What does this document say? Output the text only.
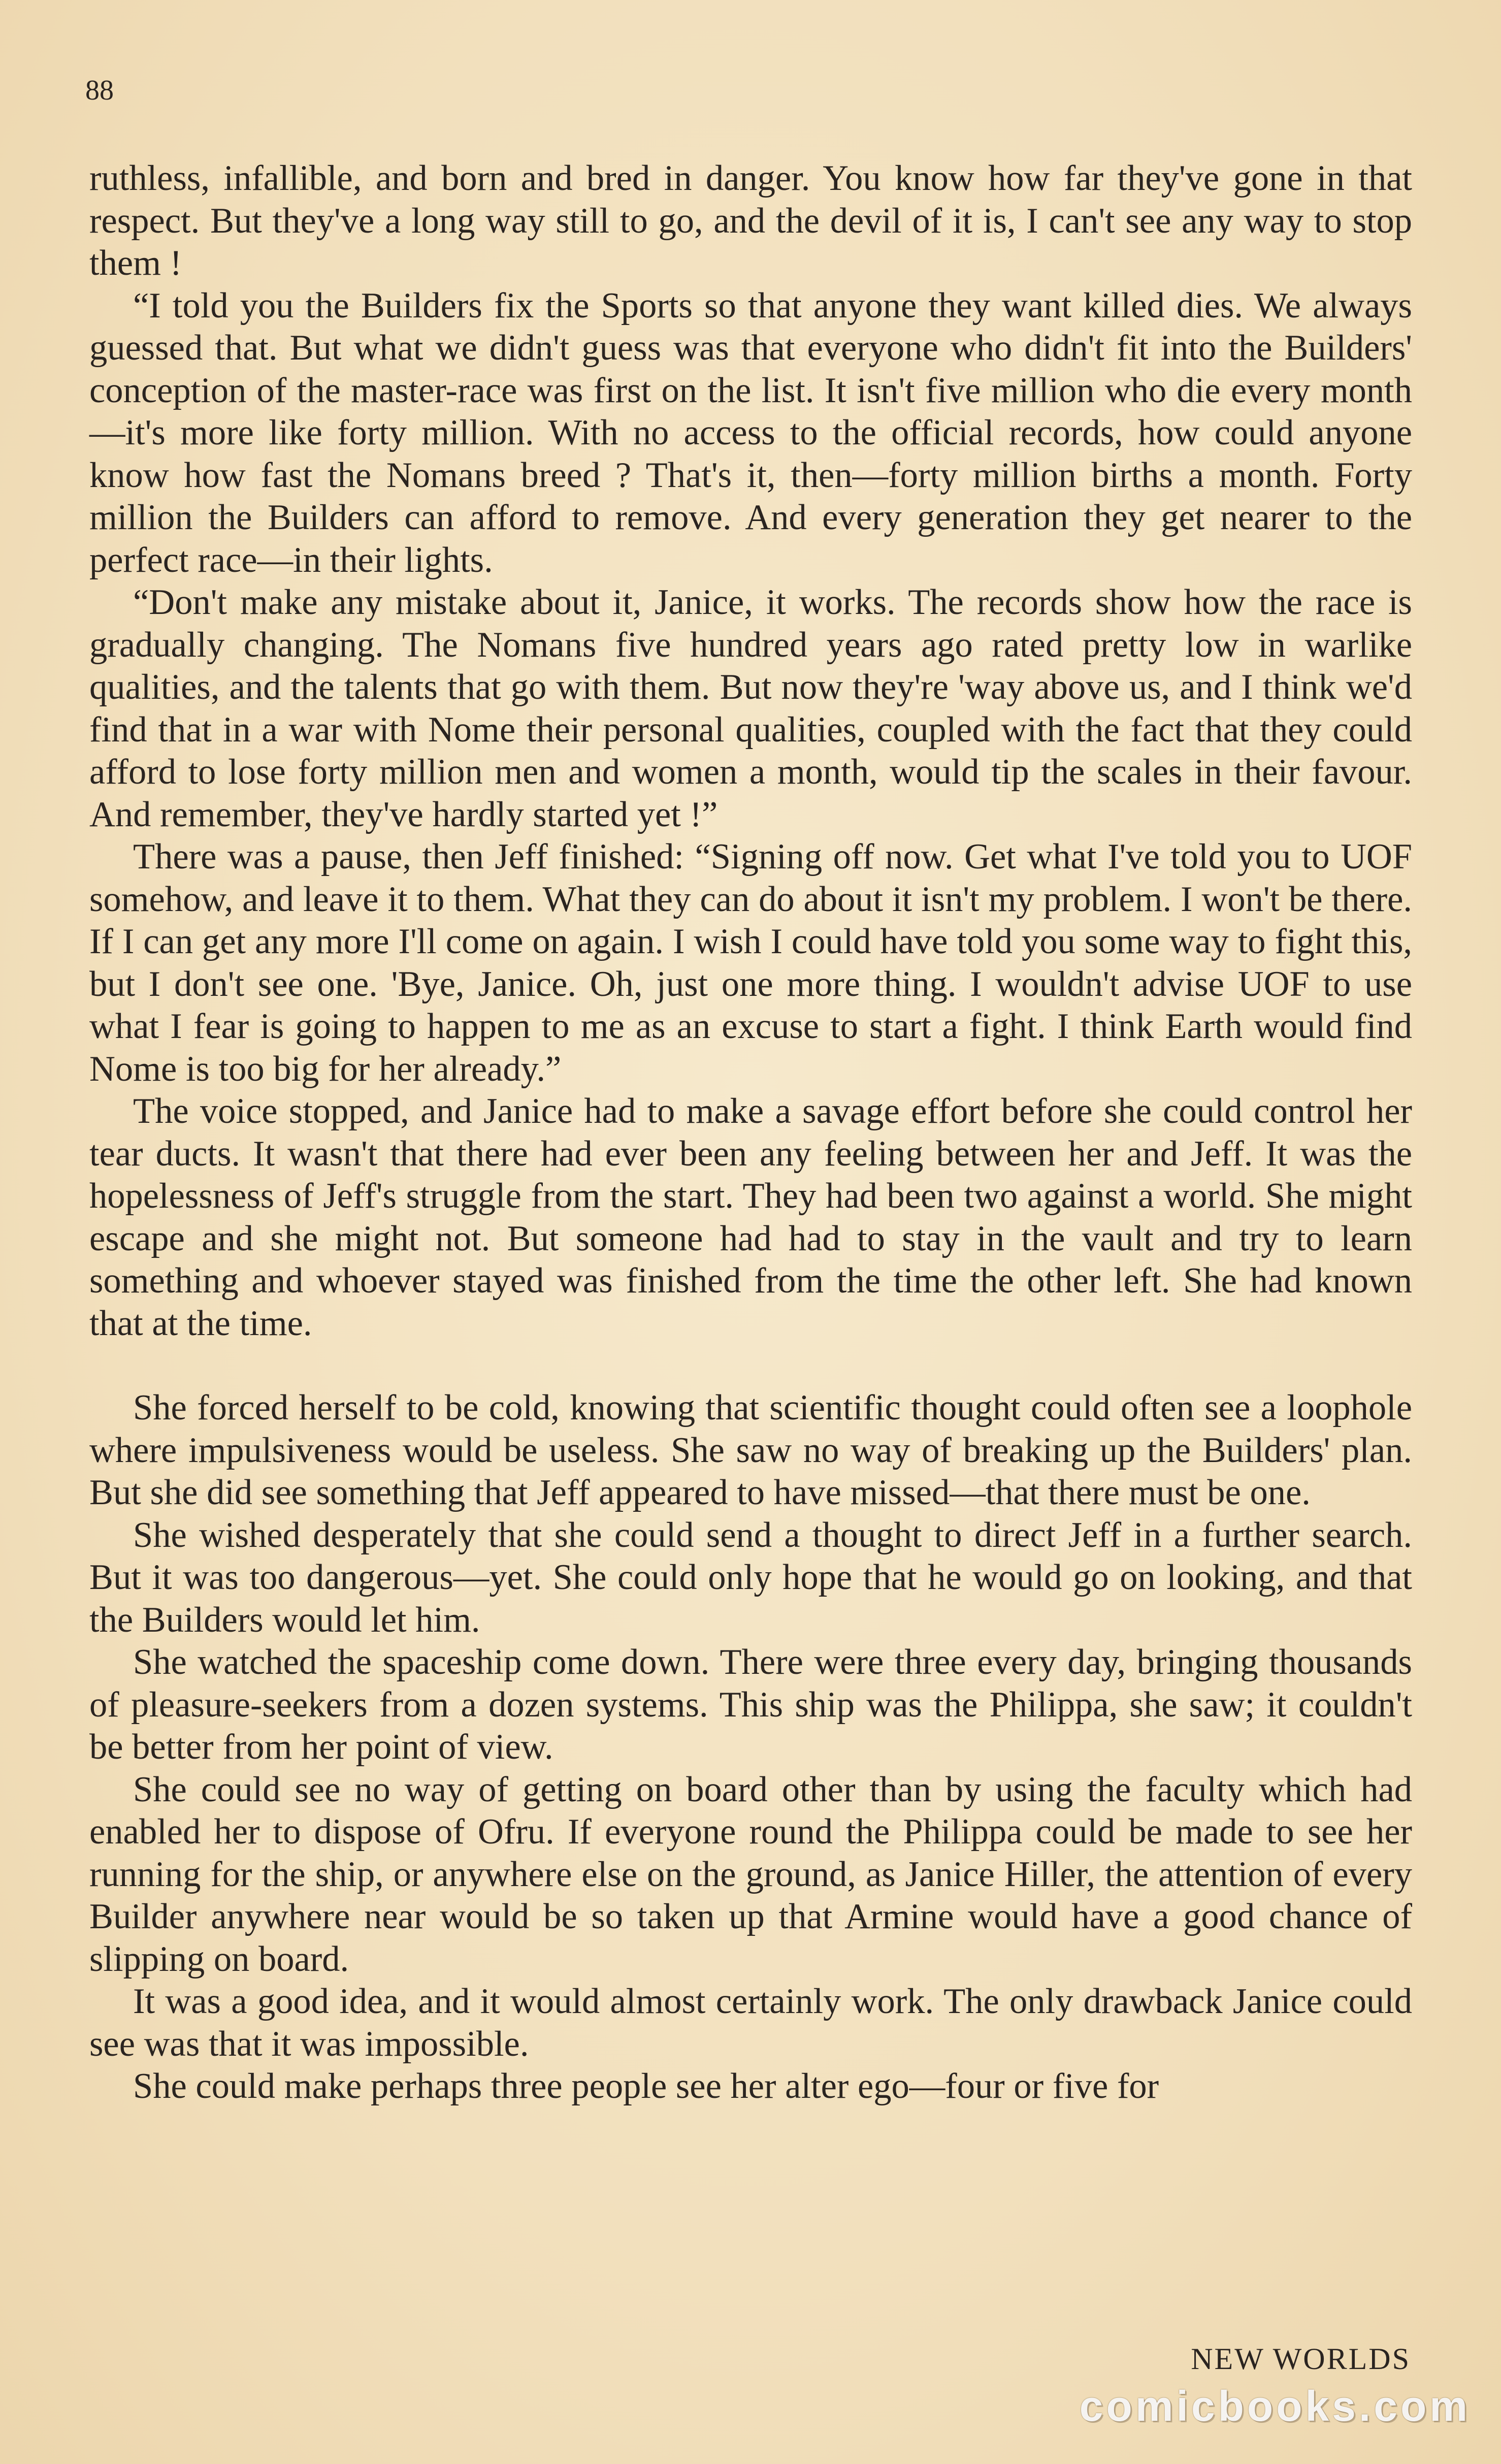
88

ruthless, infallible, and born and bred in danger. You know how far they've gone in that respect. But they've a long way still to go, and the devil of it is, I can't see any way to stop them !

“I told you the Builders fix the Sports so that anyone they want killed dies. We always guessed that. But what we didn't guess was that everyone who didn't fit into the Builders' conception of the master-race was first on the list. It isn't five million who die every month—it's more like forty million. With no access to the official records, how could anyone know how fast the Nomans breed ? That's it, then—forty million births a month. Forty million the Builders can afford to remove. And every generation they get nearer to the perfect race—in their lights.

“Don't make any mistake about it, Janice, it works. The records show how the race is gradually changing. The Nomans five hundred years ago rated pretty low in warlike qualities, and the talents that go with them. But now they're 'way above us, and I think we'd find that in a war with Nome their personal qualities, coupled with the fact that they could afford to lose forty million men and women a month, would tip the scales in their favour. And remember, they've hardly started yet !”

There was a pause, then Jeff finished: “Signing off now. Get what I've told you to UOF somehow, and leave it to them. What they can do about it isn't my problem. I won't be there. If I can get any more I'll come on again. I wish I could have told you some way to fight this, but I don't see one. 'Bye, Janice. Oh, just one more thing. I wouldn't advise UOF to use what I fear is going to happen to me as an excuse to start a fight. I think Earth would find Nome is too big for her already.”

The voice stopped, and Janice had to make a savage effort before she could control her tear ducts. It wasn't that there had ever been any feeling between her and Jeff. It was the hopelessness of Jeff's struggle from the start. They had been two against a world. She might escape and she might not. But someone had had to stay in the vault and try to learn something and whoever stayed was finished from the time the other left. She had known that at the time.

She forced herself to be cold, knowing that scientific thought could often see a loophole where impulsiveness would be useless. She saw no way of breaking up the Builders' plan. But she did see something that Jeff appeared to have missed—that there must be one.

She wished desperately that she could send a thought to direct Jeff in a further search. But it was too dangerous—yet. She could only hope that he would go on looking, and that the Builders would let him.

She watched the spaceship come down. There were three every day, bringing thousands of pleasure-seekers from a dozen systems. This ship was the Philippa, she saw; it couldn't be better from her point of view.

She could see no way of getting on board other than by using the faculty which had enabled her to dispose of Ofru. If everyone round the Philippa could be made to see her running for the ship, or anywhere else on the ground, as Janice Hiller, the attention of every Builder anywhere near would be so taken up that Armine would have a good chance of slipping on board.

It was a good idea, and it would almost certainly work. The only drawback Janice could see was that it was impossible.

She could make perhaps three people see her alter ego—four or five for

NEW WORLDS
comicbooks.com
